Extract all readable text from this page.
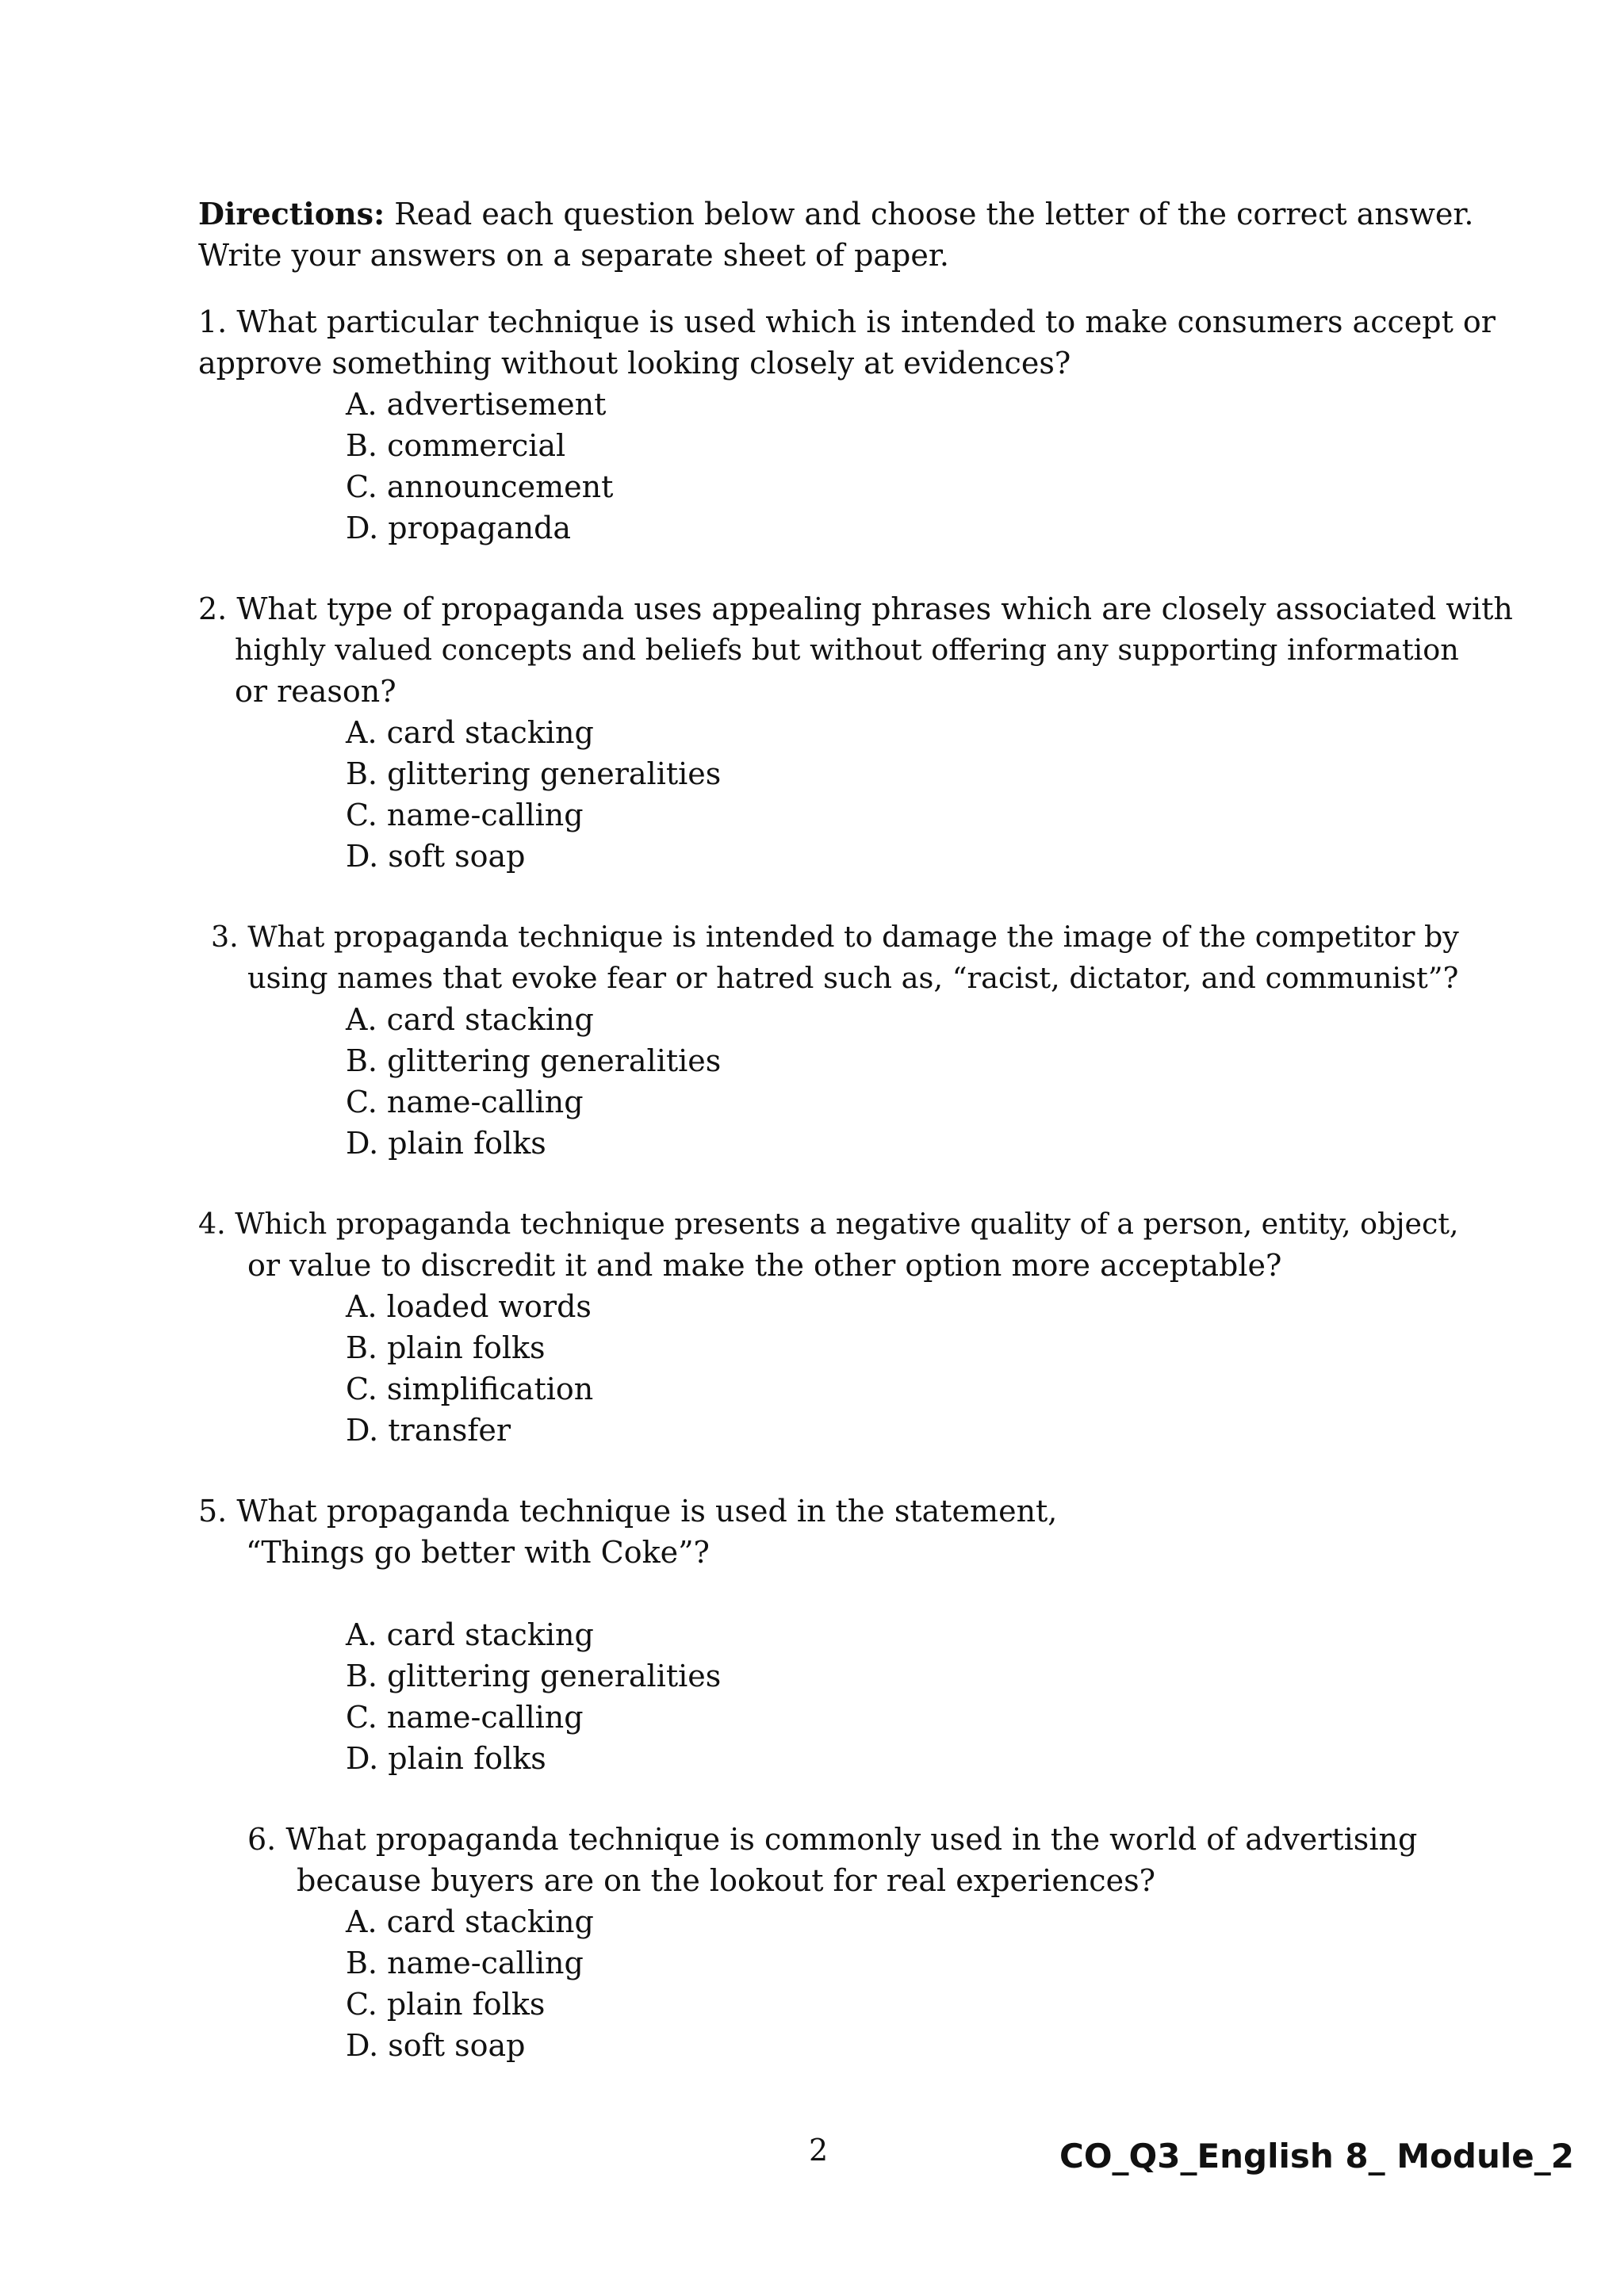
Directions: Read each question below and choose the letter of the correct answer.
Write your answers on a separate sheet of paper.
1. What particular technique is used which is intended to make consumers accept or
approve something without looking closely at evidences?
A. advertisement
B. commercial
C. announcement
D. propaganda
2. What type of propaganda uses appealing phrases which are closely associated with
highly valued concepts and beliefs but without offering any supporting information
or reason?
A. card stacking
B. glittering generalities
C. name-calling
D. soft soap
3. What propaganda technique is intended to damage the image of the competitor by
using names that evoke fear or hatred such as, “racist, dictator, and communist”?
A. card stacking
B. glittering generalities
C. name-calling
D. plain folks
4. Which propaganda technique presents a negative quality of a person, entity, object,
or value to discredit it and make the other option more acceptable?
A. loaded words
B. plain folks
C. simplification
D. transfer
5. What propaganda technique is used in the statement,
“Things go better with Coke”?
A. card stacking
B. glittering generalities
C. name-calling
D. plain folks
6. What propaganda technique is commonly used in the world of advertising
because buyers are on the lookout for real experiences?
A. card stacking
B. name-calling
C. plain folks
D. soft soap
2	CO_Q3_English 8_ Module_2
